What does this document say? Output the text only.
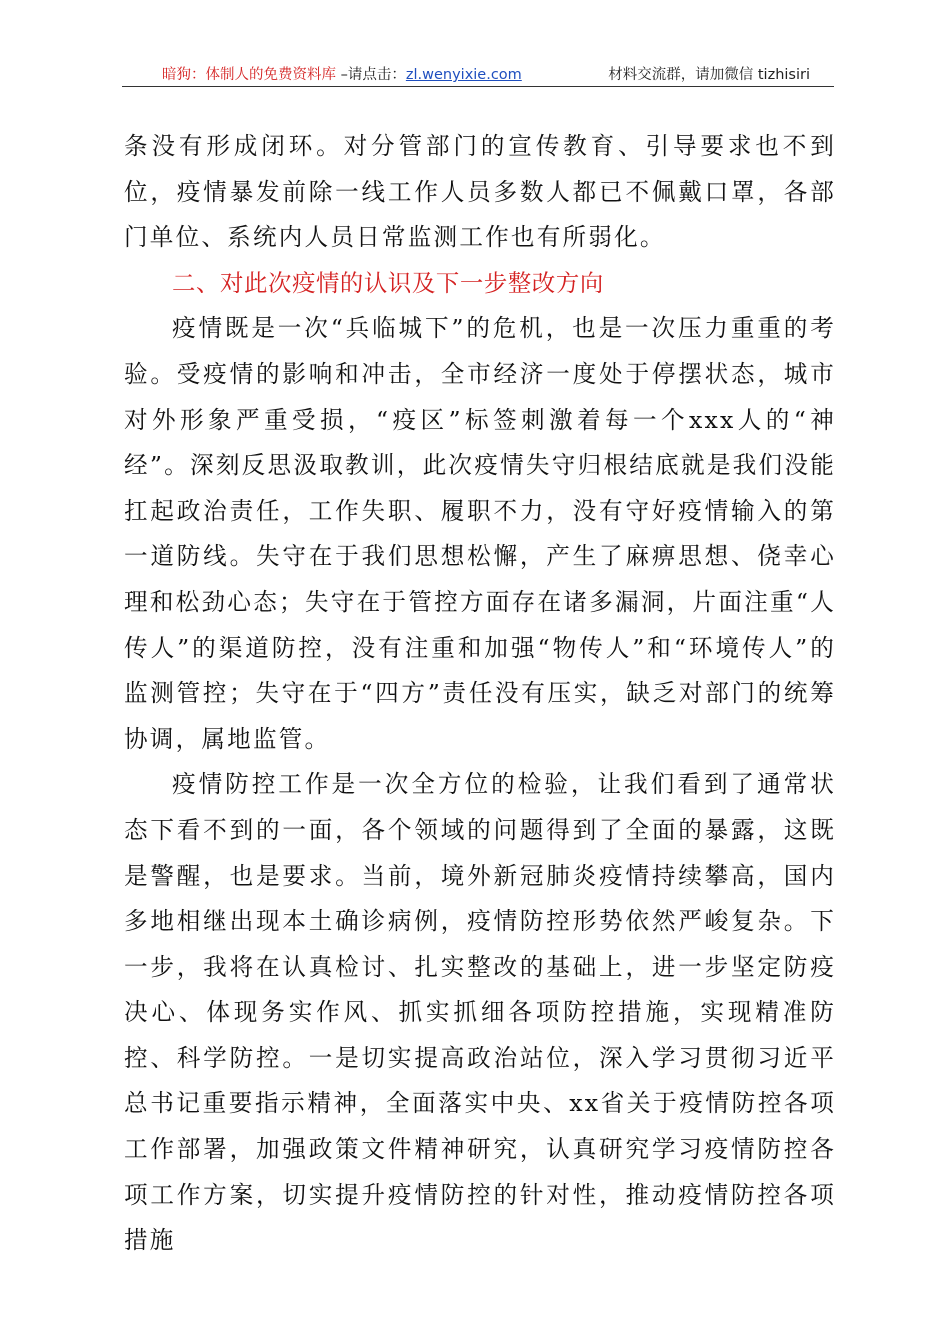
暗狗：体制人的免费资料库 –请点击：zl.wenyixie.com	材料交流群，请加微信 tizhisiri

条没有形成闭环。对分管部门的宣传教育、引导要求也不到位，疫情暴发前除一线工作人员多数人都已不佩戴口罩，各部门单位、系统内人员日常监测工作也有所弱化。

二、对此次疫情的认识及下一步整改方向

疫情既是一次“兵临城下”的危机，也是一次压力重重的考验。受疫情的影响和冲击，全市经济一度处于停摆状态，城市对外形象严重受损，“疫区”标签刺激着每一个xxx人的“神经”。深刻反思汲取教训，此次疫情失守归根结底就是我们没能扛起政治责任，工作失职、履职不力，没有守好疫情输入的第一道防线。失守在于我们思想松懈，产生了麻痹思想、侥幸心理和松劲心态；失守在于管控方面存在诸多漏洞，片面注重“人传人”的渠道防控，没有注重和加强“物传人”和“环境传人”的监测管控；失守在于“四方”责任没有压实，缺乏对部门的统筹协调，属地监管。

疫情防控工作是一次全方位的检验，让我们看到了通常状态下看不到的一面，各个领域的问题得到了全面的暴露，这既是警醒，也是要求。当前，境外新冠肺炎疫情持续攀高，国内多地相继出现本土确诊病例，疫情防控形势依然严峻复杂。下一步，我将在认真检讨、扎实整改的基础上，进一步坚定防疫决心、体现务实作风、抓实抓细各项防控措施，实现精准防控、科学防控。一是切实提高政治站位，深入学习贯彻习近平总书记重要指示精神，全面落实中央、xx省关于疫情防控各项工作部署，加强政策文件精神研究，认真研究学习疫情防控各项工作方案，切实提升疫情防控的针对性，推动疫情防控各项措施
